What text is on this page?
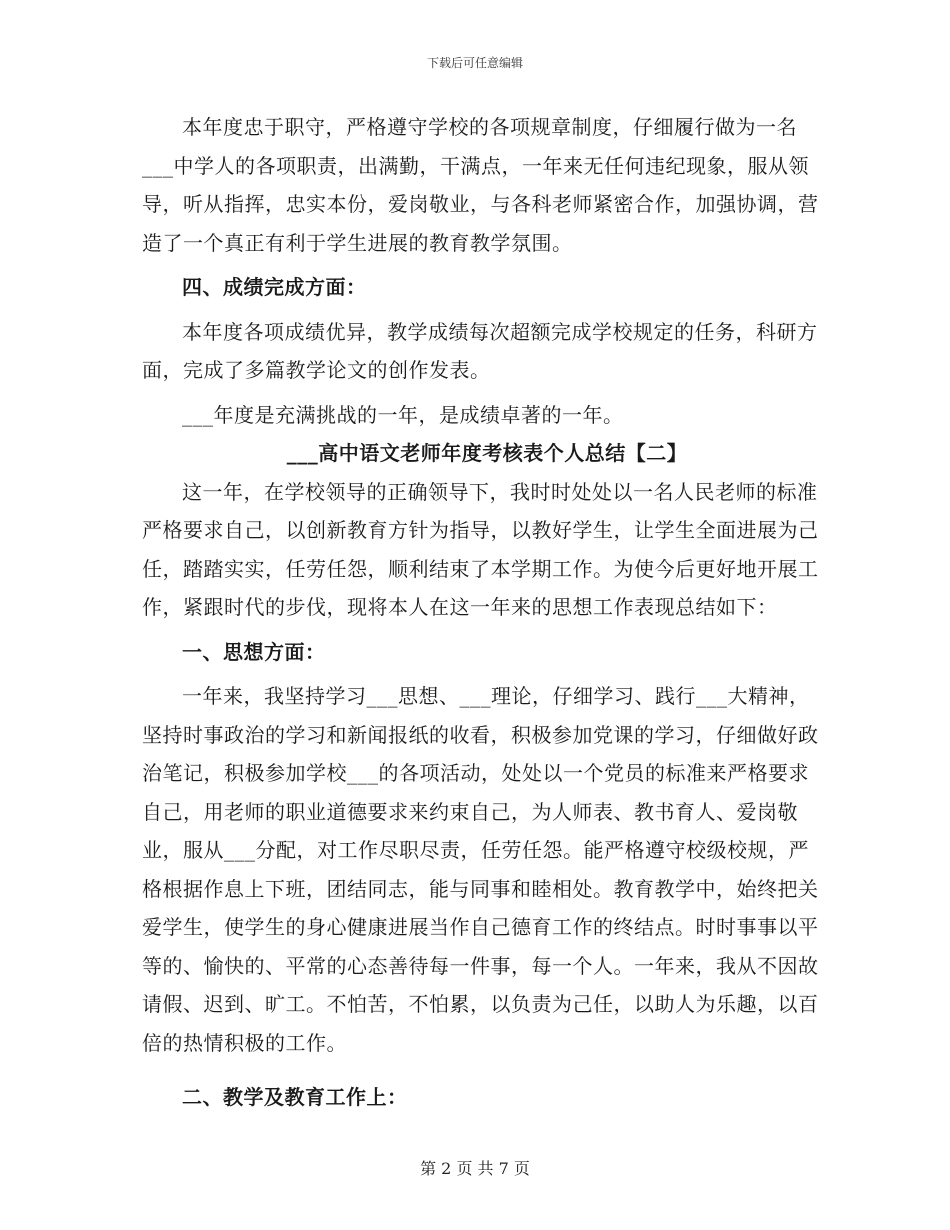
下载后可任意编辑

本年度忠于职守，严格遵守学校的各项规章制度，仔细履行做为一名___中学人的各项职责，出满勤，干满点，一年来无任何违纪现象，服从领导，听从指挥，忠实本份，爱岗敬业，与各科老师紧密合作，加强协调，营造了一个真正有利于学生进展的教育教学氛围。

四、成绩完成方面：

本年度各项成绩优异，教学成绩每次超额完成学校规定的任务，科研方面，完成了多篇教学论文的创作发表。

___年度是充满挑战的一年，是成绩卓著的一年。

___高中语文老师年度考核表个人总结【二】

这一年，在学校领导的正确领导下，我时时处处以一名人民老师的标准严格要求自己，以创新教育方针为指导，以教好学生，让学生全面进展为己任，踏踏实实，任劳任怨，顺利结束了本学期工作。为使今后更好地开展工作，紧跟时代的步伐，现将本人在这一年来的思想工作表现总结如下：

一、思想方面：

一年来，我坚持学习___思想、___理论，仔细学习、践行___大精神，坚持时事政治的学习和新闻报纸的收看，积极参加党课的学习，仔细做好政治笔记，积极参加学校___的各项活动，处处以一个党员的标准来严格要求自己，用老师的职业道德要求来约束自己，为人师表、教书育人、爱岗敬业，服从___分配，对工作尽职尽责，任劳任怨。能严格遵守校级校规，严格根据作息上下班，团结同志，能与同事和睦相处。教育教学中，始终把关爱学生，使学生的身心健康进展当作自己德育工作的终结点。时时事事以平等的、愉快的、平常的心态善待每一件事，每一个人。一年来，我从不因故请假、迟到、旷工。不怕苦，不怕累，以负责为己任，以助人为乐趣，以百倍的热情积极的工作。

二、教学及教育工作上：

第 2 页 共 7 页
